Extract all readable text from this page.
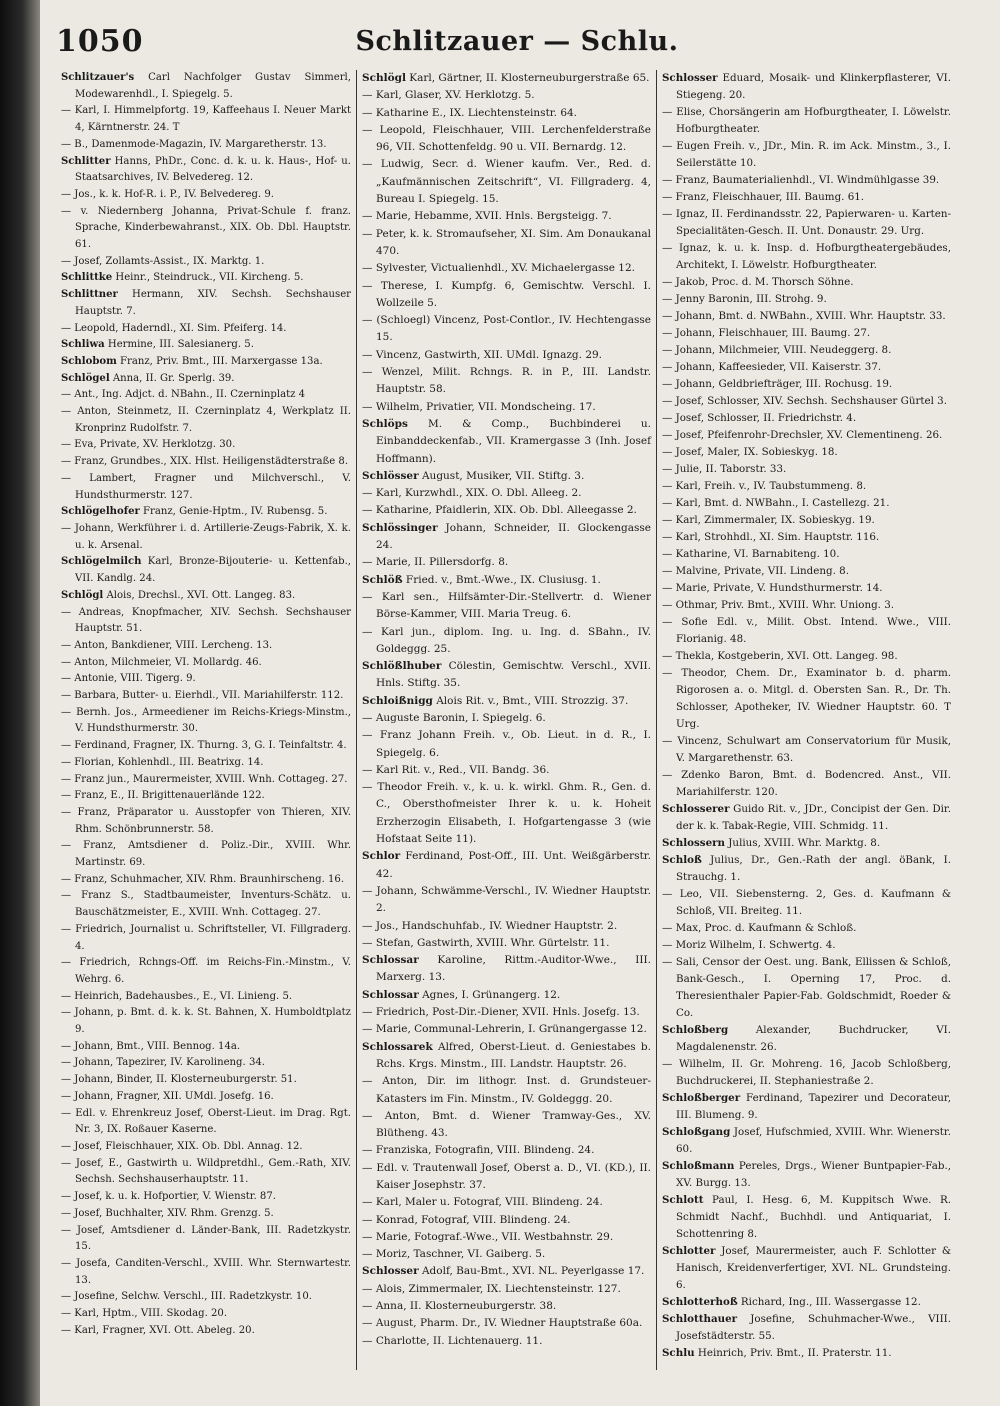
1050	Schlitzauer — Schlu.

Schlitzauer's Carl Nachfolger Gustav Simmerl, Modewarenhdl., I. Spiegelg. 5.

— Karl, I. Himmelpfortg. 19, Kaffeehaus I. Neuer Markt 4, Kärntnerstr. 24. T

— B., Damenmode-Magazin, IV. Margaretherstr. 13.

Schlitter Hanns, PhDr., Conc. d. k. u. k. Haus-, Hof- u. Staatsarchives, IV. Belvedereg. 12.

— Jos., k. k. Hof-R. i. P., IV. Belvedereg. 9.

— v. Niedernberg Johanna, Privat-Schule f. franz. Sprache, Kinderbewahranst., XIX. Ob. Dbl. Hauptstr. 61.

— Josef, Zollamts-Assist., IX. Marktg. 1.

Schlittke Heinr., Steindruck., VII. Kircheng. 5.

Schlittner Hermann, XIV. Sechsh. Sechshauser Hauptstr. 7.

— Leopold, Haderndl., XI. Sim. Pfeiferg. 14.

Schliwa Hermine, III. Salesianerg. 5.

Schlobom Franz, Priv. Bmt., III. Marxergasse 13a.

Schlögel Anna, II. Gr. Sperlg. 39.

— Ant., Ing. Adjct. d. NBahn., II. Czerninplatz 4

— Anton, Steinmetz, II. Czerninplatz 4, Werkplatz II. Kronprinz Rudolfstr. 7.

— Eva, Private, XV. Herklotzg. 30.

— Franz, Grundbes., XIX. Hlst. Heiligenstädterstraße 8.

— Lambert, Fragner und Milchverschl., V. Hundsthurmerstr. 127.

Schlögelhofer Franz, Genie-Hptm., IV. Rubensg. 5.

— Johann, Werkführer i. d. Artillerie-Zeugs-Fabrik, X. k. u. k. Arsenal.

Schlögelmilch Karl, Bronze-Bijouterie- u. Kettenfab., VII. Kandlg. 24.

Schlögl Alois, Drechsl., XVI. Ott. Langeg. 83.

— Andreas, Knopfmacher, XIV. Sechsh. Sechshauser Hauptstr. 51.

— Anton, Bankdiener, VIII. Lercheng. 13.

— Anton, Milchmeier, VI. Mollardg. 46.

— Antonie, VIII. Tigerg. 9.

— Barbara, Butter- u. Eierhdl., VII. Mariahilferstr. 112.

— Bernh. Jos., Armeediener im Reichs-Kriegs-Minstm., V. Hundsthurmerstr. 30.

— Ferdinand, Fragner, IX. Thurng. 3, G. I. Teinfaltstr. 4.

— Florian, Kohlenhdl., III. Beatrixg. 14.

— Franz jun., Maurermeister, XVIII. Wnh. Cottageg. 27.

— Franz, E., II. Brigittenauerlände 122.

— Franz, Präparator u. Ausstopfer von Thieren, XIV. Rhm. Schönbrunnerstr. 58.

— Franz, Amtsdiener d. Poliz.-Dir., XVIII. Whr. Martinstr. 69.

— Franz, Schuhmacher, XIV. Rhm. Braunhirscheng. 16.

— Franz S., Stadtbaumeister, Inventurs-Schätz. u. Bauschätzmeister, E., XVIII. Wnh. Cottageg. 27.

— Friedrich, Journalist u. Schriftsteller, VI. Fillgraderg. 4.

— Friedrich, Rchngs-Off. im Reichs-Fin.-Minstm., V. Wehrg. 6.

— Heinrich, Badehausbes., E., VI. Linieng. 5.

— Johann, p. Bmt. d. k. k. St. Bahnen, X. Humboldtplatz 9.

— Johann, Bmt., VIII. Bennog. 14a.

— Johann, Tapezirer, IV. Karolineng. 34.

— Johann, Binder, II. Klosterneuburgerstr. 51.

— Johann, Fragner, XII. UMdl. Josefg. 16.

— Edl. v. Ehrenkreuz Josef, Oberst-Lieut. im Drag. Rgt. Nr. 3, IX. Roßauer Kaserne.

— Josef, Fleischhauer, XIX. Ob. Dbl. Annag. 12.

— Josef, E., Gastwirth u. Wildpretdhl., Gem.-Rath, XIV. Sechsh. Sechshauserhauptstr. 11.

— Josef, k. u. k. Hofportier, V. Wienstr. 87.

— Josef, Buchhalter, XIV. Rhm. Grenzg. 5.

— Josef, Amtsdiener d. Länder-Bank, III. Radetzkystr. 15.

— Josefa, Canditen-Verschl., XVIII. Whr. Sternwartestr. 13.

— Josefine, Selchw. Verschl., III. Radetzkystr. 10.

— Karl, Hptm., VIII. Skodag. 20.

— Karl, Fragner, XVI. Ott. Abeleg. 20.

Schlögl Karl, Gärtner, II. Klosterneuburgerstraße 65.

— Karl, Glaser, XV. Herklotzg. 5.

— Katharine E., IX. Liechtensteinstr. 64.

— Leopold, Fleischhauer, VIII. Lerchenfelderstraße 96, VII. Schottenfeldg. 90 u. VII. Bernardg. 12.

— Ludwig, Secr. d. Wiener kaufm. Ver., Red. d. „Kaufmännischen Zeitschrift“, VI. Fillgraderg. 4, Bureau I. Spiegelg. 15.

— Marie, Hebamme, XVII. Hnls. Bergsteigg. 7.

— Peter, k. k. Stromaufseher, XI. Sim. Am Donaukanal 470.

— Sylvester, Victualienhdl., XV. Michaelergasse 12.

— Therese, I. Kumpfg. 6, Gemischtw. Verschl. I. Wollzeile 5.

— (Schloegl) Vincenz, Post-Contlor., IV. Hechtengasse 15.

— Vincenz, Gastwirth, XII. UMdl. Ignazg. 29.

— Wenzel, Milit. Rchngs. R. in P., III. Landstr. Hauptstr. 58.

— Wilhelm, Privatier, VII. Mondscheing. 17.

Schlöps M. & Comp., Buchbinderei u. Einbanddeckenfab., VII. Kramergasse 3 (Inh. Josef Hoffmann).

Schlösser August, Musiker, VII. Stiftg. 3.

— Karl, Kurzwhdl., XIX. O. Dbl. Alleeg. 2.

— Katharine, Pfaidlerin, XIX. Ob. Dbl. Alleegasse 2.

Schlössinger Johann, Schneider, II. Glockengasse 24.

— Marie, II. Pillersdorfg. 8.

Schlöß Fried. v., Bmt.-Wwe., IX. Clusiusg. 1.

— Karl sen., Hilfsämter-Dir.-Stellvertr. d. Wiener Börse-Kammer, VIII. Maria Treug. 6.

— Karl jun., diplom. Ing. u. Ing. d. SBahn., IV. Goldeggg. 25.

Schlößlhuber Cölestin, Gemischtw. Verschl., XVII. Hnls. Stiftg. 35.

Schloißnigg Alois Rit. v., Bmt., VIII. Strozzig. 37.

— Auguste Baronin, I. Spiegelg. 6.

— Franz Johann Freih. v., Ob. Lieut. in d. R., I. Spiegelg. 6.

— Karl Rit. v., Red., VII. Bandg. 36.

— Theodor Freih. v., k. u. k. wirkl. Ghm. R., Gen. d. C., Obersthofmeister Ihrer k. u. k. Hoheit Erzherzogin Elisabeth, I. Hofgartengasse 3 (wie Hofstaat Seite 11).

Schlor Ferdinand, Post-Off., III. Unt. Weißgärberstr. 42.

— Johann, Schwämme-Verschl., IV. Wiedner Hauptstr. 2.

— Jos., Handschuhfab., IV. Wiedner Hauptstr. 2.

— Stefan, Gastwirth, XVIII. Whr. Gürtelstr. 11.

Schlossar Karoline, Rittm.-Auditor-Wwe., III. Marxerg. 13.

Schlossar Agnes, I. Grünangerg. 12.

— Friedrich, Post-Dir.-Diener, XVII. Hnls. Josefg. 13.

— Marie, Communal-Lehrerin, I. Grünangergasse 12.

Schlossarek Alfred, Oberst-Lieut. d. Geniestabes b. Rchs. Krgs. Minstm., III. Landstr. Hauptstr. 26.

— Anton, Dir. im lithogr. Inst. d. Grundsteuer-Katasters im Fin. Minstm., IV. Goldeggg. 20.

— Anton, Bmt. d. Wiener Tramway-Ges., XV. Blütheng. 43.

— Franziska, Fotografin, VIII. Blindeng. 24.

— Edl. v. Trautenwall Josef, Oberst a. D., VI. (KD.), II. Kaiser Josephstr. 37.

— Karl, Maler u. Fotograf, VIII. Blindeng. 24.

— Konrad, Fotograf, VIII. Blindeng. 24.

— Marie, Fotograf.-Wwe., VII. Westbahnstr. 29.

— Moriz, Taschner, VI. Gaiberg. 5.

Schlosser Adolf, Bau-Bmt., XVI. NL. Peyerlgasse 17.

— Alois, Zimmermaler, IX. Liechtensteinstr. 127.

— Anna, II. Klosterneuburgerstr. 38.

— August, Pharm. Dr., IV. Wiedner Hauptstraße 60a.

— Charlotte, II. Lichtenauerg. 11.

Schlosser Eduard, Mosaik- und Klinkerpflasterer, VI. Stiegeng. 20.

— Elise, Chorsängerin am Hofburgtheater, I. Löwelstr. Hofburgtheater.

— Eugen Freih. v., JDr., Min. R. im Ack. Minstm., 3., I. Seilerstätte 10.

— Franz, Baumaterialienhdl., VI. Windmühlgasse 39.

— Franz, Fleischhauer, III. Baumg. 61.

— Ignaz, II. Ferdinandsstr. 22, Papierwaren- u. Karten-Specialitäten-Gesch. II. Unt. Donaustr. 29. Urg.

— Ignaz, k. u. k. Insp. d. Hofburgtheatergebäudes, Architekt, I. Löwelstr. Hofburgtheater.

— Jakob, Proc. d. M. Thorsch Söhne.

— Jenny Baronin, III. Strohg. 9.

— Johann, Bmt. d. NWBahn., XVIII. Whr. Hauptstr. 33.

— Johann, Fleischhauer, III. Baumg. 27.

— Johann, Milchmeier, VIII. Neudeggerg. 8.

— Johann, Kaffeesieder, VII. Kaiserstr. 37.

— Johann, Geldbriefträger, III. Rochusg. 19.

— Josef, Schlosser, XIV. Sechsh. Sechshauser Gürtel 3.

— Josef, Schlosser, II. Friedrichstr. 4.

— Josef, Pfeifenrohr-Drechsler, XV. Clementineng. 26.

— Josef, Maler, IX. Sobieskyg. 18.

— Julie, II. Taborstr. 33.

— Karl, Freih. v., IV. Taubstummeng. 8.

— Karl, Bmt. d. NWBahn., I. Castellezg. 21.

— Karl, Zimmermaler, IX. Sobieskyg. 19.

— Karl, Strohhdl., XI. Sim. Hauptstr. 116.

— Katharine, VI. Barnabiteng. 10.

— Malvine, Private, VII. Lindeng. 8.

— Marie, Private, V. Hundsthurmerstr. 14.

— Othmar, Priv. Bmt., XVIII. Whr. Uniong. 3.

— Sofie Edl. v., Milit. Obst. Intend. Wwe., VIII. Florianig. 48.

— Thekla, Kostgeberin, XVI. Ott. Langeg. 98.

— Theodor, Chem. Dr., Examinator b. d. pharm. Rigorosen a. o. Mitgl. d. Obersten San. R., Dr. Th. Schlosser, Apotheker, IV. Wiedner Hauptstr. 60. T Urg.

— Vincenz, Schulwart am Conservatorium für Musik, V. Margarethenstr. 63.

— Zdenko Baron, Bmt. d. Bodencred. Anst., VII. Mariahilferstr. 120.

Schlosserer Guido Rit. v., JDr., Concipist der Gen. Dir. der k. k. Tabak-Regie, VIII. Schmidg. 11.

Schlossern Julius, XVIII. Whr. Marktg. 8.

Schloß Julius, Dr., Gen.-Rath der angl. öBank, I. Strauchg. 1.

— Leo, VII. Siebensterng. 2, Ges. d. Kaufmann & Schloß, VII. Breiteg. 11.

— Max, Proc. d. Kaufmann & Schloß.

— Moriz Wilhelm, I. Schwertg. 4.

— Sali, Censor der Oest. ung. Bank, Ellissen & Schloß, Bank-Gesch., I. Operning 17, Proc. d. Theresienthaler Papier-Fab. Goldschmidt, Roeder & Co.

Schloßberg Alexander, Buchdrucker, VI. Magdalenenstr. 26.

— Wilhelm, II. Gr. Mohreng. 16, Jacob Schloßberg, Buchdruckerei, II. Stephaniestraße 2.

Schloßberger Ferdinand, Tapezirer und Decorateur, III. Blumeng. 9.

Schloßgang Josef, Hufschmied, XVIII. Whr. Wienerstr. 60.

Schloßmann Pereles, Drgs., Wiener Buntpapier-Fab., XV. Burgg. 13.

Schlott Paul, I. Hesg. 6, M. Kuppitsch Wwe. R. Schmidt Nachf., Buchhdl. und Antiquariat, I. Schottenring 8.

Schlotter Josef, Maurermeister, auch F. Schlotter & Hanisch, Kreidenverfertiger, XVI. NL. Grundsteing. 6.

Schlotterhoß Richard, Ing., III. Wassergasse 12.

Schlotthauer Josefine, Schuhmacher-Wwe., VIII. Josefstädterstr. 55.

Schlu Heinrich, Priv. Bmt., II. Praterstr. 11.
